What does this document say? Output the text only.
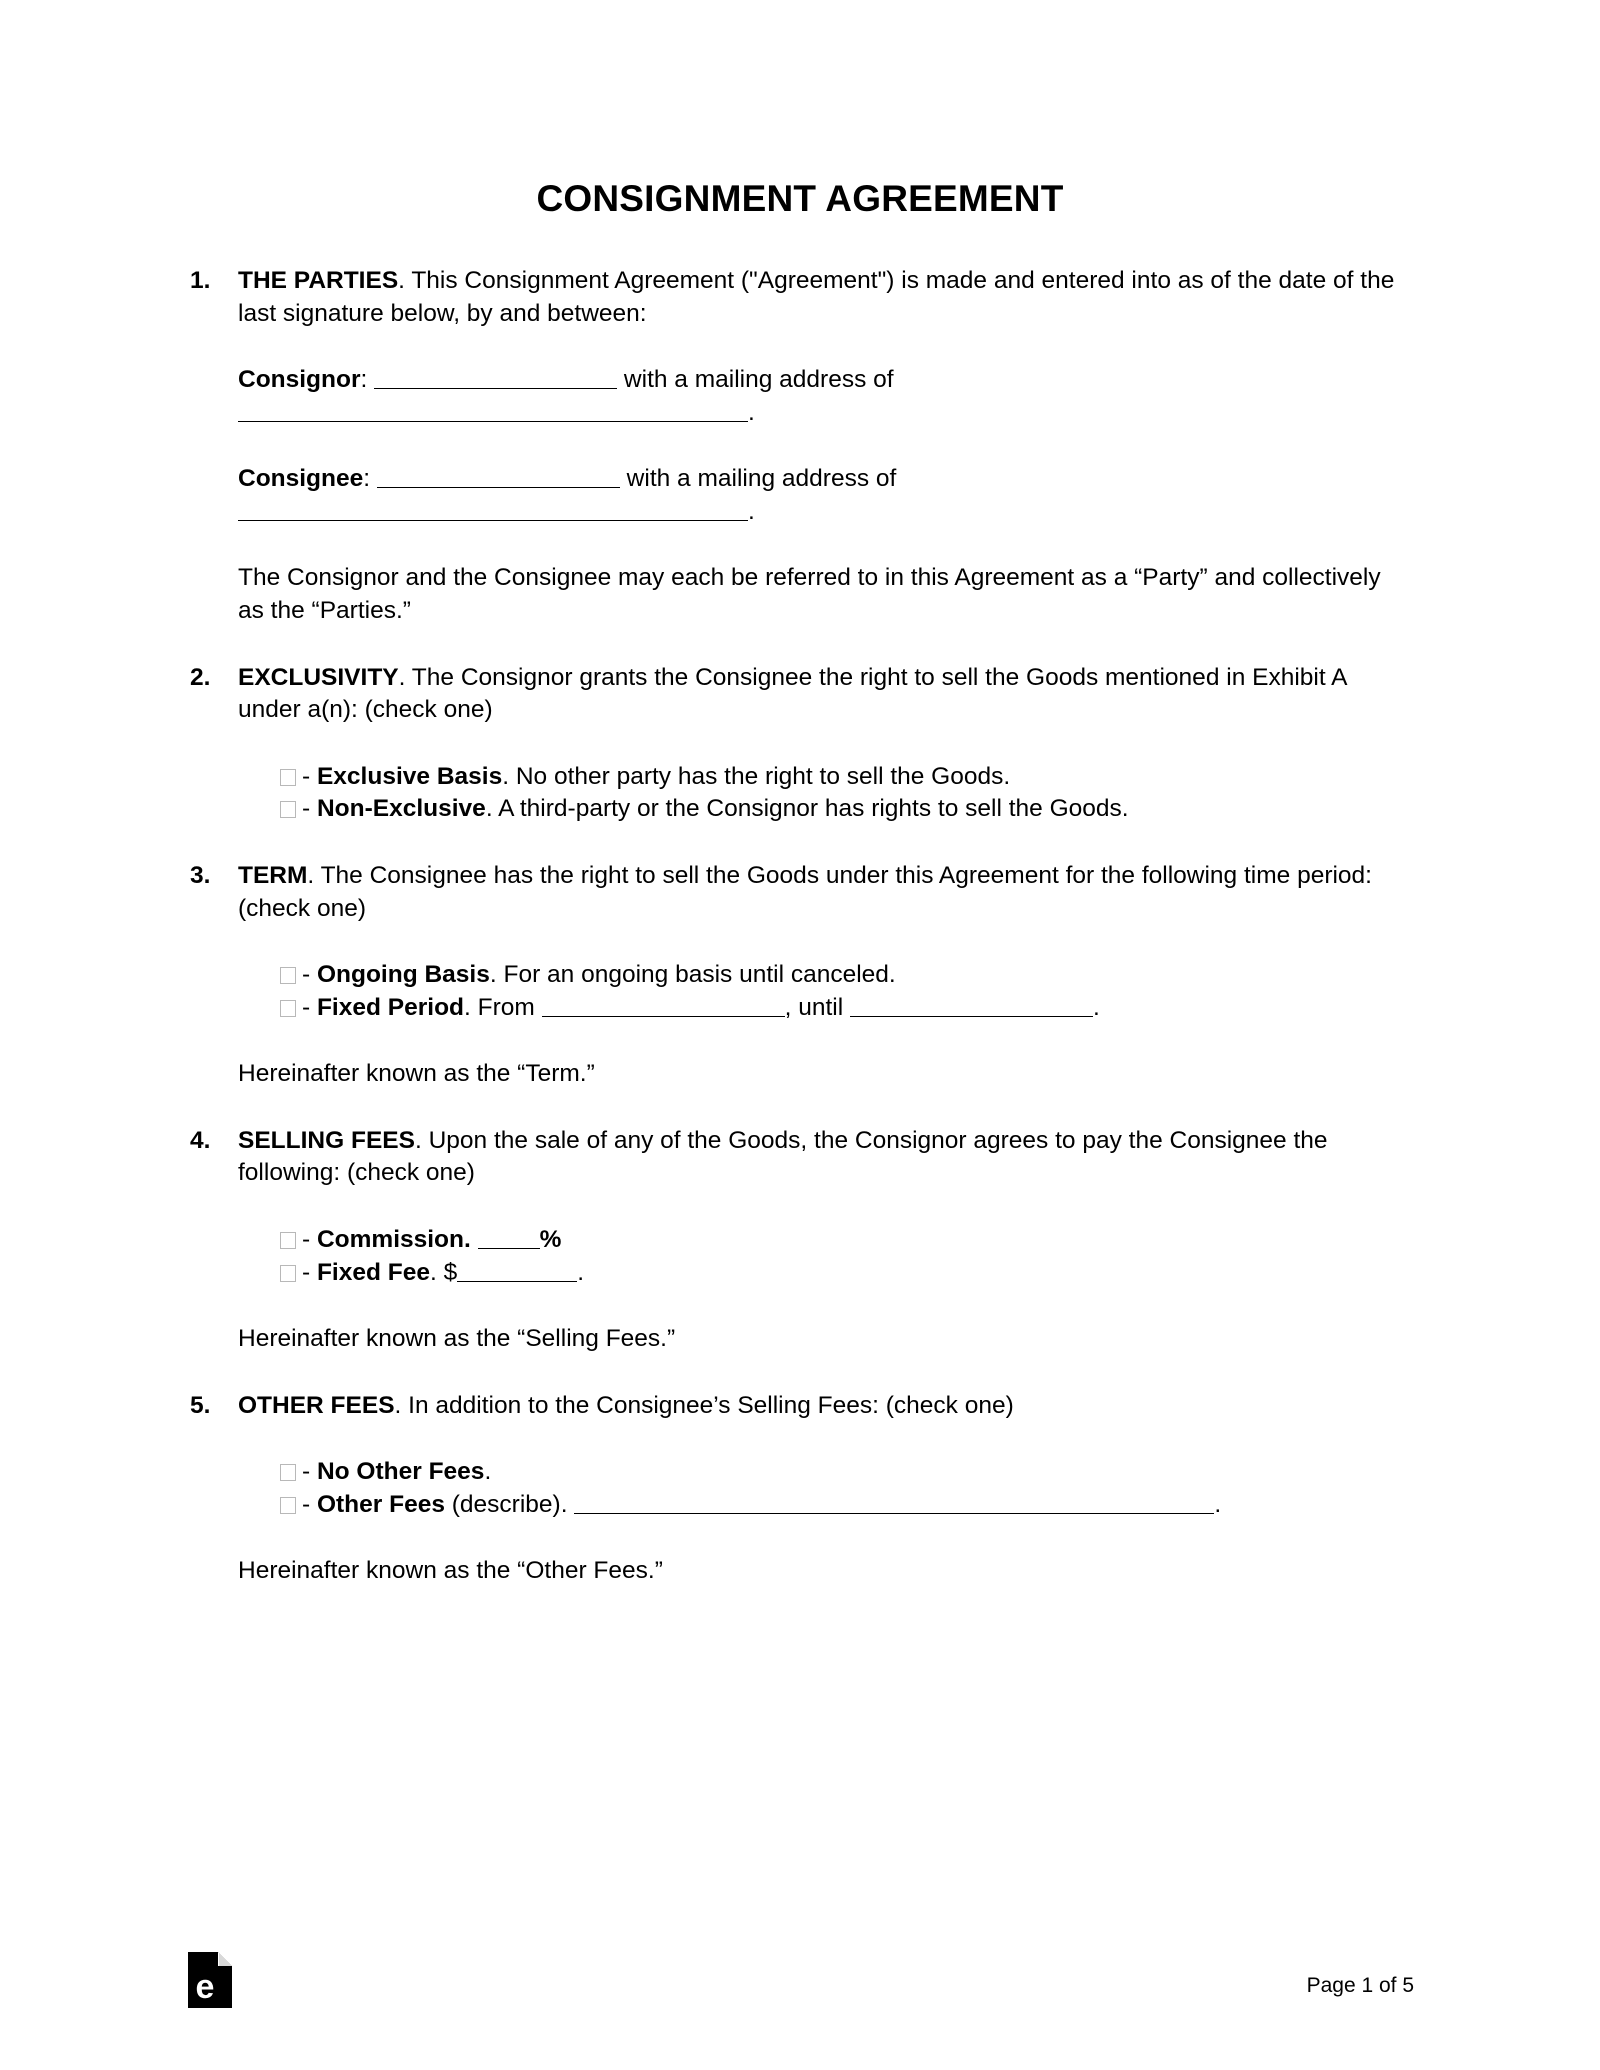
CONSIGNMENT AGREEMENT
1.	THE PARTIES. This Consignment Agreement ("Agreement") is made and entered into as of the date of the last signature below, by and between:
Consignor:	with a mailing address of
.
Consignee:	with a mailing address of
.
The Consignor and the Consignee may each be referred to in this Agreement as a “Party” and collectively as the “Parties.”
2.	EXCLUSIVITY. The Consignor grants the Consignee the right to sell the Goods mentioned in Exhibit A under a(n): (check one)
- Exclusive Basis. No other party has the right to sell the Goods.
- Non-Exclusive. A third-party or the Consignor has rights to sell the Goods.
3.	TERM. The Consignee has the right to sell the Goods under this Agreement for the following time period: (check one)
- Ongoing Basis. For an ongoing basis until canceled.
- Fixed Period. From	, until	.
Hereinafter known as the “Term.”
4.	SELLING FEES. Upon the sale of any of the Goods, the Consignor agrees to pay the Consignee the following: (check one)
- Commission.	%
- Fixed Fee. $	.
Hereinafter known as the “Selling Fees.”
5.	OTHER FEES. In addition to the Consignee’s Selling Fees: (check one)
- No Other Fees.
- Other Fees (describe).	.
Hereinafter known as the “Other Fees.”
e	Page 1 of 5
